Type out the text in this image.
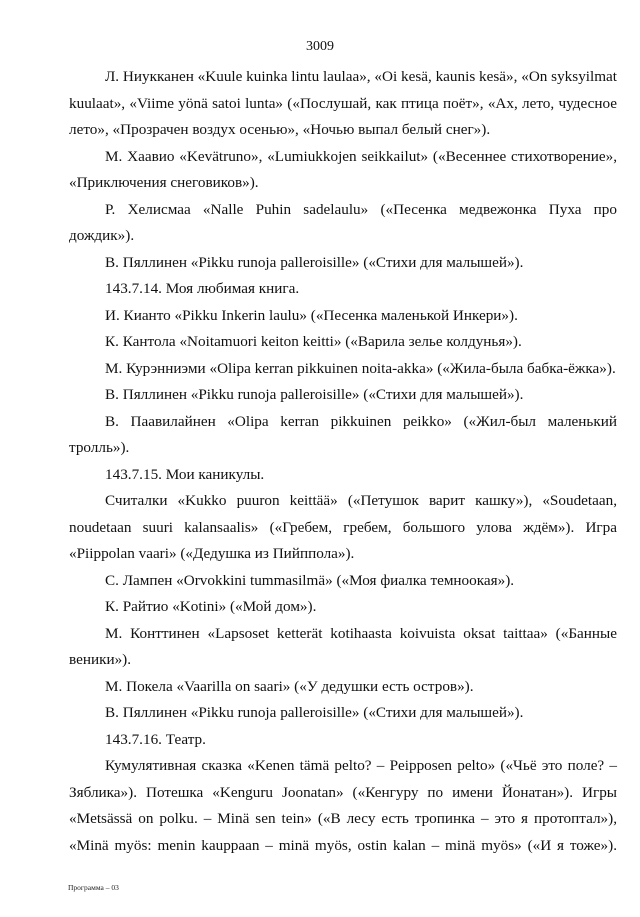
3009

Л. Ниукканен «Kuule kuinka lintu laulaa», «Oi kesä, kaunis kesä», «On syksyilmat kuulaat», «Viime yönä satoi lunta» («Послушай, как птица поёт», «Ах, лето, чудесное лето», «Прозрачен воздух осенью», «Ночью выпал белый снег»).

М. Хаавио «Kevätruno», «Lumiukkojen seikkailut» («Весеннее стихотворение», «Приключения снеговиков»).

Р. Хелисмаа «Nalle Puhin sadelaulu» («Песенка медвежонка Пуха про дождик»).

В. Пяллинен «Pikku runoja palleroisille» («Стихи для малышей»).

143.7.14. Моя любимая книга.

И. Кианто «Pikku Inkerin laulu» («Песенка маленькой Инкери»).

К. Кантола «Noitamuori keiton keitti» («Варила зелье колдунья»).

М. Курэнниэми «Olipa kerran pikkuinen noita-akka» («Жила-была бабка-ёжка»).

В. Пяллинен «Pikku runoja palleroisille» («Стихи для малышей»).

В. Паавилайнен «Olipa kerran pikkuinen peikko» («Жил-был маленький тролль»).

143.7.15. Мои каникулы.

Считалки «Kukko puuron keittää» («Петушок варит кашку»), «Soudetaan, noudetaan suuri kalansaalis» («Гребем, гребем, большого улова ждём»). Игра «Piippolan vaari» («Дедушка из Пийппола»).

С. Лампен «Orvokkini tummasilmä» («Моя фиалка темноокая»).

К. Райтио «Kotini» («Мой дом»).

М. Конттинен «Lapsoset ketterät kotihaasta koivuista oksat taittaa» («Банные веники»).

М. Покела «Vaarilla on saari» («У дедушки есть остров»).

В. Пяллинен «Pikku runoja palleroisille» («Стихи для малышей»).

143.7.16. Театр.

Кумулятивная сказка «Kenen tämä pelto? – Peipposen pelto» («Чьё это поле? – Зяблика»). Потешка «Kenguru Joonatan» («Кенгуру по имени Йонатан»). Игры «Metsässä on polku. – Minä sen tein» («В лесу есть тропинка – это я протоптал»), «Minä myös: menin kauppaan – minä myös, ostin kalan – minä myös» («И я тоже»).

Программа – 03
